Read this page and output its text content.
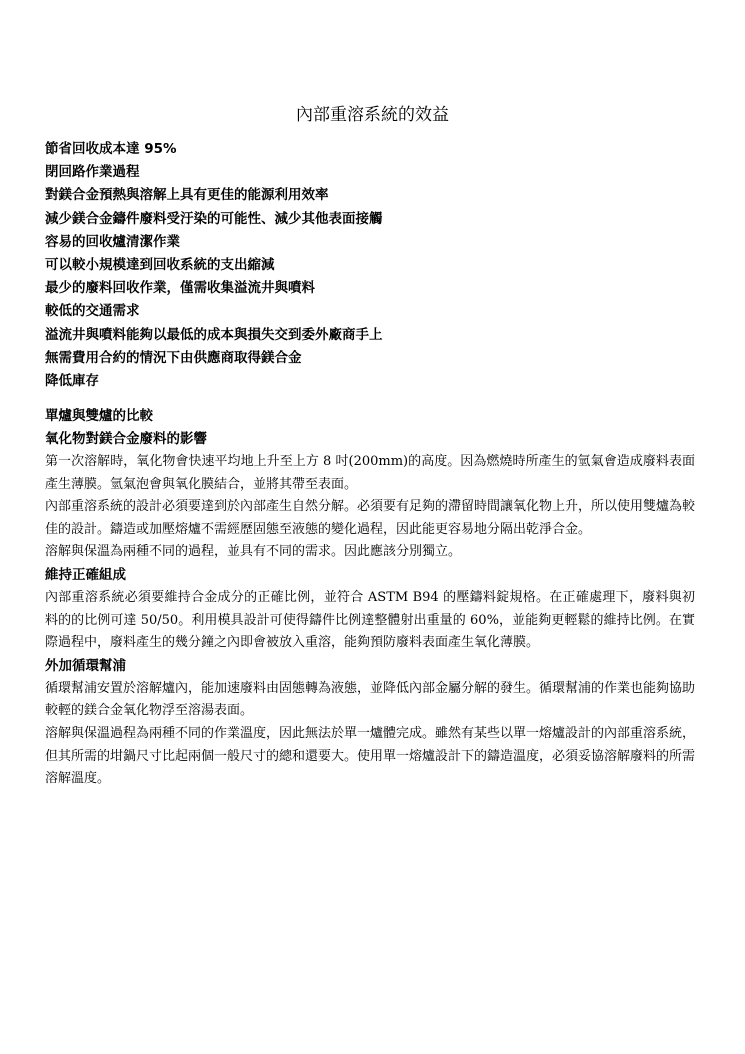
內部重溶系統的效益
節省回收成本達 95%
閉回路作業過程
對鎂合金預熱與溶解上具有更佳的能源利用效率
減少鎂合金鑄件廢料受汙染的可能性、減少其他表面接觸
容易的回收爐清潔作業
可以較小規模達到回收系統的支出縮減
最少的廢料回收作業，僅需收集溢流井與噴料
較低的交通需求
溢流井與噴料能夠以最低的成本與損失交到委外廠商手上
無需費用合約的情況下由供應商取得鎂合金
降低庫存
單爐與雙爐的比較
氧化物對鎂合金廢料的影響

第一次溶解時，氧化物會快速平均地上升至上方 8 吋(200mm)的高度。因為燃燒時所產生的氫氣會造成廢料表面產生薄膜。氫氣泡會與氧化膜結合，並將其帶至表面。

內部重溶系統的設計必須要達到於內部產生自然分解。必須要有足夠的滯留時間讓氧化物上升，所以使用雙爐為較佳的設計。鑄造或加壓熔爐不需經歷固態至液態的變化過程，因此能更容易地分隔出乾淨合金。

溶解與保溫為兩種不同的過程，並具有不同的需求。因此應該分別獨立。

維持正確組成

內部重溶系統必須要維持合金成分的正確比例，並符合 ASTM B94 的壓鑄料錠規格。在正確處理下，廢料與初料的的比例可達 50/50。利用模具設計可使得鑄件比例達整體射出重量的 60%，並能夠更輕鬆的維持比例。在實際過程中，廢料產生的幾分鐘之內即會被放入重溶，能夠預防廢料表面產生氧化薄膜。

外加循環幫浦

循環幫浦安置於溶解爐內，能加速廢料由固態轉為液態，並降低內部金屬分解的發生。循環幫浦的作業也能夠協助較輕的鎂合金氧化物浮至溶湯表面。

溶解與保溫過程為兩種不同的作業溫度，因此無法於單一爐體完成。雖然有某些以單一熔爐設計的內部重溶系統，但其所需的坩鍋尺寸比起兩個一般尺寸的總和還要大。使用單一熔爐設計下的鑄造溫度，必須妥協溶解廢料的所需溶解溫度。
